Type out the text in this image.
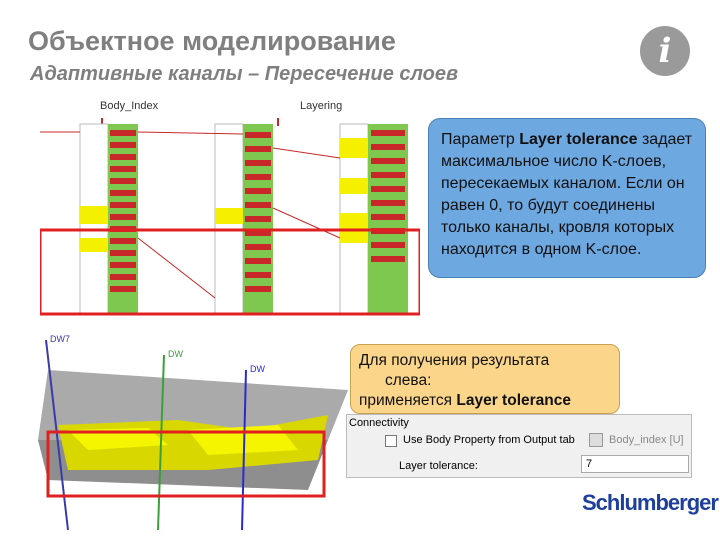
Объектное моделирование
Адаптивные каналы – Пересечение слоев
i
Body_Index	Layering
Параметр Layer tolerance задает максимальное число K-слоев, пересекаемых каналом. Если он равен 0, то будут соединены только каналы, кровля которых находится в одном K-слое.
DW7
DW
DW	Для получения результата
слева:
применяется Layer tolerance
Connectivity
Use Body Property from Output tab	Body_index [U]
Layer tolerance:	7
Schlumberger
